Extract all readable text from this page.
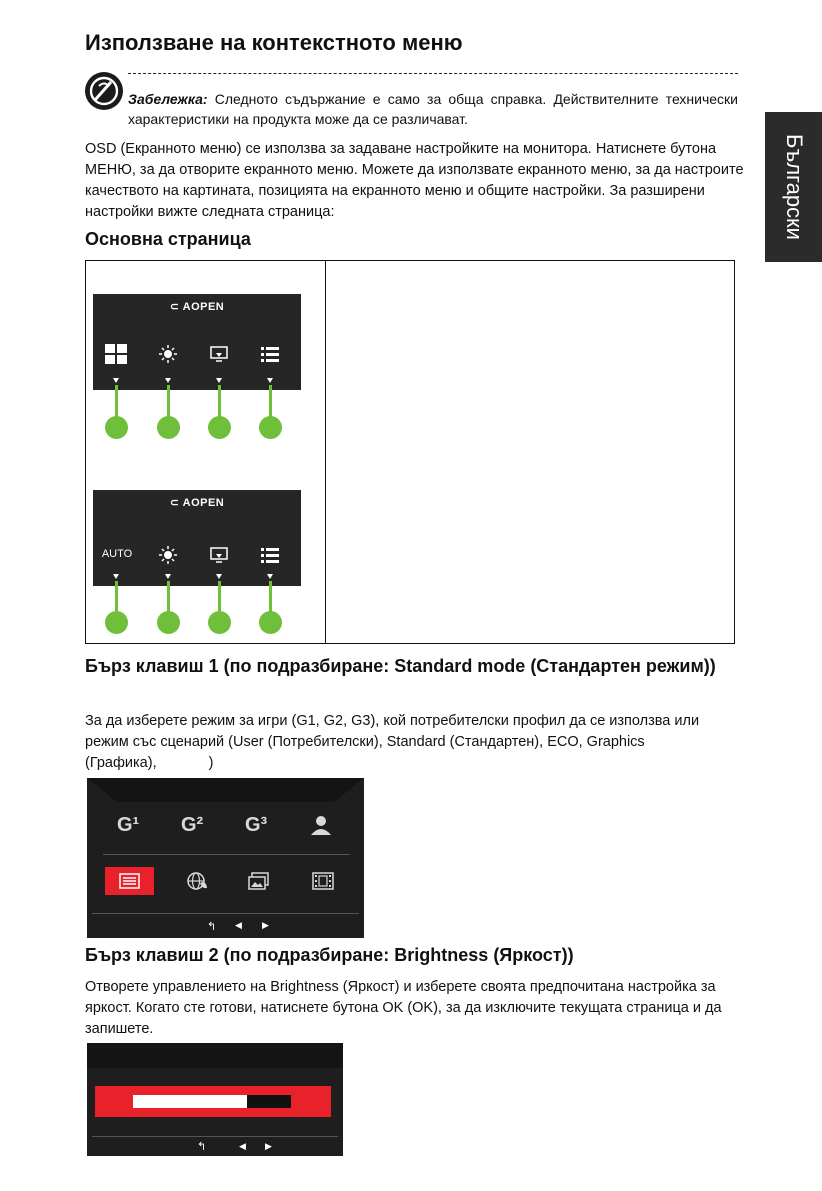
Използване на контекстното меню
Български
Забележка: Следното съдържание е само за обща справка. Действителните технически характеристики на продукта може да се различават.
OSD (Екранното меню) се използва за задаване настройките на монитора. Натиснете бутона МЕНЮ, за да отворите екранното меню. Можете да използвате екранното меню, за да настроите качеството на картината, позицията на екранното меню и общите настройки. За разширени настройки вижте следната страница:
Основна страница
⊂ AOPEN
⊂ AOPEN
AUTO
Бърз клавиш 1 (по подразбиране: Standard mode (Стандартен режим))
За да изберете режим за игри (G1, G2, G3), кой потребителски профил да се използва или режим със сценарий (User (Потребителски), Standard (Стандартен), ECO, Graphics
(Графика),	)
G¹ G² G³
↰ ◀ ▶
Бърз клавиш 2 (по подразбиране: Brightness (Яркост))
Отворете управлението на Brightness (Яркост) и изберете своята предпочитана настройка за яркост. Когато сте готови, натиснете бутона OK (OK), за да изключите текущата страница и да запишете.
↰	◀ ▶
